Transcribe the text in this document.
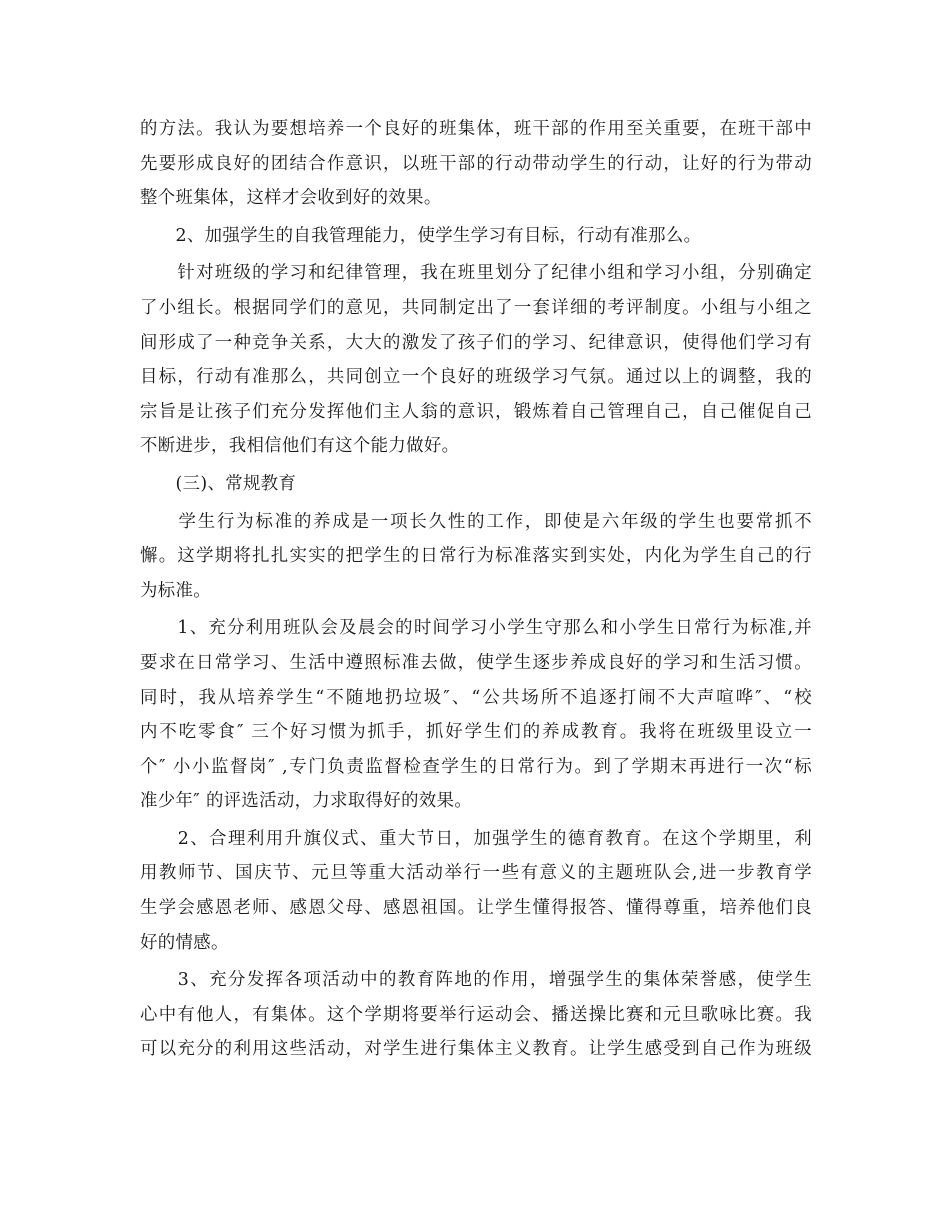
的方法。我认为要想培养一个良好的班集体，班干部的作用至关重要，在班干部中
先要形成良好的团结合作意识，以班干部的行动带动学生的行动，让好的行为带动
整个班集体，这样才会收到好的效果。
　　2、加强学生的自我管理能力，使学生学习有目标，行动有准那么。
　　针对班级的学习和纪律管理，我在班里划分了纪律小组和学习小组，分别确定
了小组长。根据同学们的意见，共同制定出了一套详细的考评制度。小组与小组之
间形成了一种竞争关系，大大的激发了孩子们的学习、纪律意识，使得他们学习有
目标，行动有准那么，共同创立一个良好的班级学习气氛。通过以上的调整，我的
宗旨是让孩子们充分发挥他们主人翁的意识，锻炼着自己管理自己，自己催促自己
不断进步，我相信他们有这个能力做好。
　　(三)、常规教育
　　学生行为标准的养成是一项长久性的工作，即使是六年级的学生也要常抓不
懈。这学期将扎扎实实的把学生的日常行为标准落实到实处，内化为学生自己的行
为标准。
　　1、充分利用班队会及晨会的时间学习小学生守那么和小学生日常行为标准,并
要求在日常学习、生活中遵照标准去做，使学生逐步养成良好的学习和生活习惯。
同时，我从培养学生“不随地扔垃圾″、“公共场所不追逐打闹不大声喧哗″、“校
内不吃零食″ 三个好习惯为抓手，抓好学生们的养成教育。我将在班级里设立一
个″ 小小监督岗″ ,专门负责监督检查学生的日常行为。到了学期末再进行一次“标
准少年″ 的评选活动，力求取得好的效果。
　　2、合理利用升旗仪式、重大节日，加强学生的德育教育。在这个学期里，利
用教师节、国庆节、元旦等重大活动举行一些有意义的主题班队会,进一步教育学
生学会感恩老师、感恩父母、感恩祖国。让学生懂得报答、懂得尊重，培养他们良
好的情感。
　　3、充分发挥各项活动中的教育阵地的作用，增强学生的集体荣誉感，使学生
心中有他人，有集体。这个学期将要举行运动会、播送操比赛和元旦歌咏比赛。我
可以充分的利用这些活动，对学生进行集体主义教育。让学生感受到自己作为班级
